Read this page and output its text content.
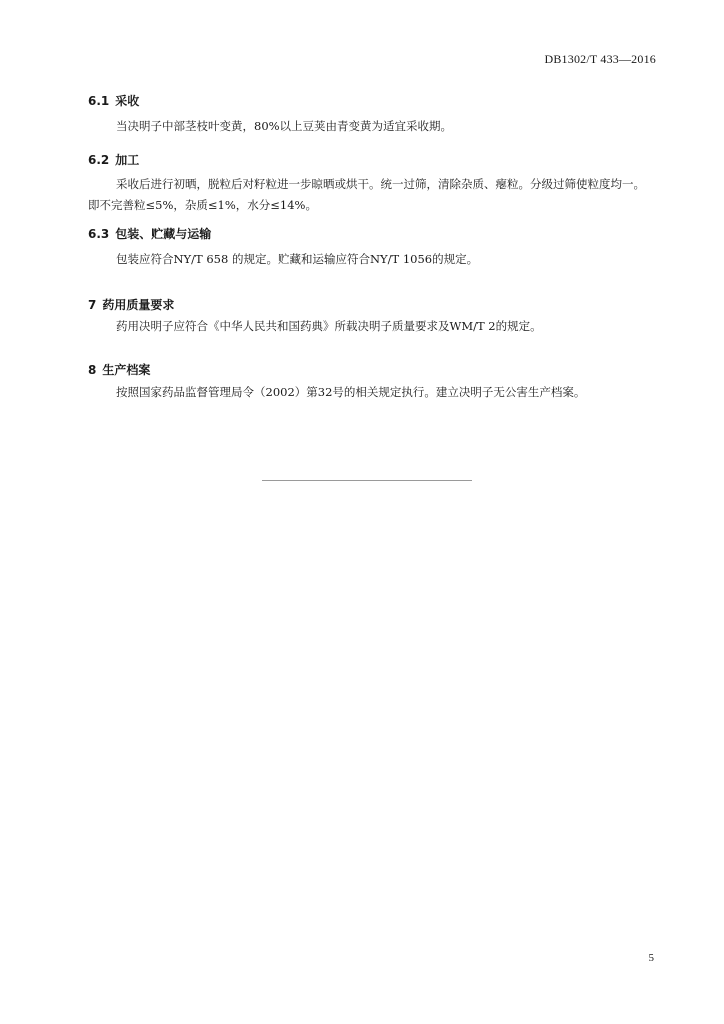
DB1302/T 433—2016
6.1 采收
当决明子中部茎枝叶变黄，80%以上豆荚由青变黄为适宜采收期。
6.2 加工
采收后进行初晒，脱粒后对籽粒进一步晾晒或烘干。统一过筛，清除杂质、瘪粒。分级过筛使粒度均一。即不完善粒≤5%，杂质≤1%，水分≤14%。
6.3 包装、贮藏与运输
包装应符合NY/T 658 的规定。贮藏和运输应符合NY/T 1056的规定。
7 药用质量要求
药用决明子应符合《中华人民共和国药典》所载决明子质量要求及WM/T 2的规定。
8 生产档案
按照国家药品监督管理局令（2002）第32号的相关规定执行。建立决明子无公害生产档案。
5
